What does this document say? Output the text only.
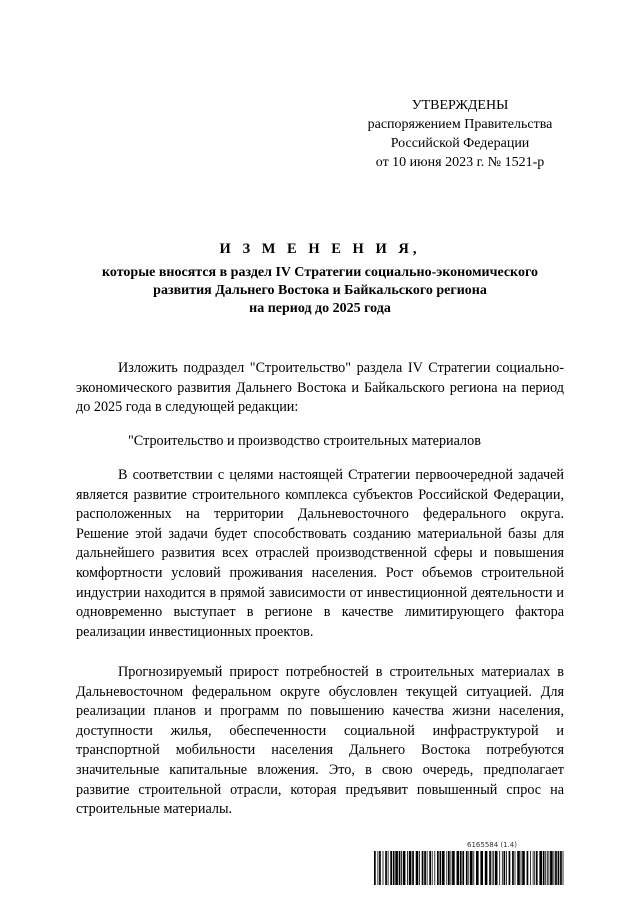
УТВЕРЖДЕНЫ
распоряжением Правительства
Российской Федерации
от 10 июня 2023 г. № 1521-р
И З М Е Н Е Н И Я,
которые вносятся в раздел IV Стратегии социально-экономического
развития Дальнего Востока и Байкальского региона
на период до 2025 года
Изложить подраздел "Строительство" раздела IV Стратегии социально-экономического развития Дальнего Востока и Байкальского региона на период до 2025 года в следующей редакции:
"Строительство и производство строительных материалов
В соответствии с целями настоящей Стратегии первоочередной задачей является развитие строительного комплекса субъектов Российской Федерации, расположенных на территории Дальневосточного федерального округа. Решение этой задачи будет способствовать созданию материальной базы для дальнейшего развития всех отраслей производственной сферы и повышения комфортности условий проживания населения. Рост объемов строительной индустрии находится в прямой зависимости от инвестиционной деятельности и одновременно выступает в регионе в качестве лимитирующего фактора реализации инвестиционных проектов.
Прогнозируемый прирост потребностей в строительных материалах в Дальневосточном федеральном округе обусловлен текущей ситуацией. Для реализации планов и программ по повышению качества жизни населения, доступности жилья, обеспеченности социальной инфраструктурой и транспортной мобильности населения Дальнего Востока потребуются значительные капитальные вложения. Это, в свою очередь, предполагает развитие строительной отрасли, которая предъявит повышенный спрос на строительные материалы.
6165584 (1.4)
